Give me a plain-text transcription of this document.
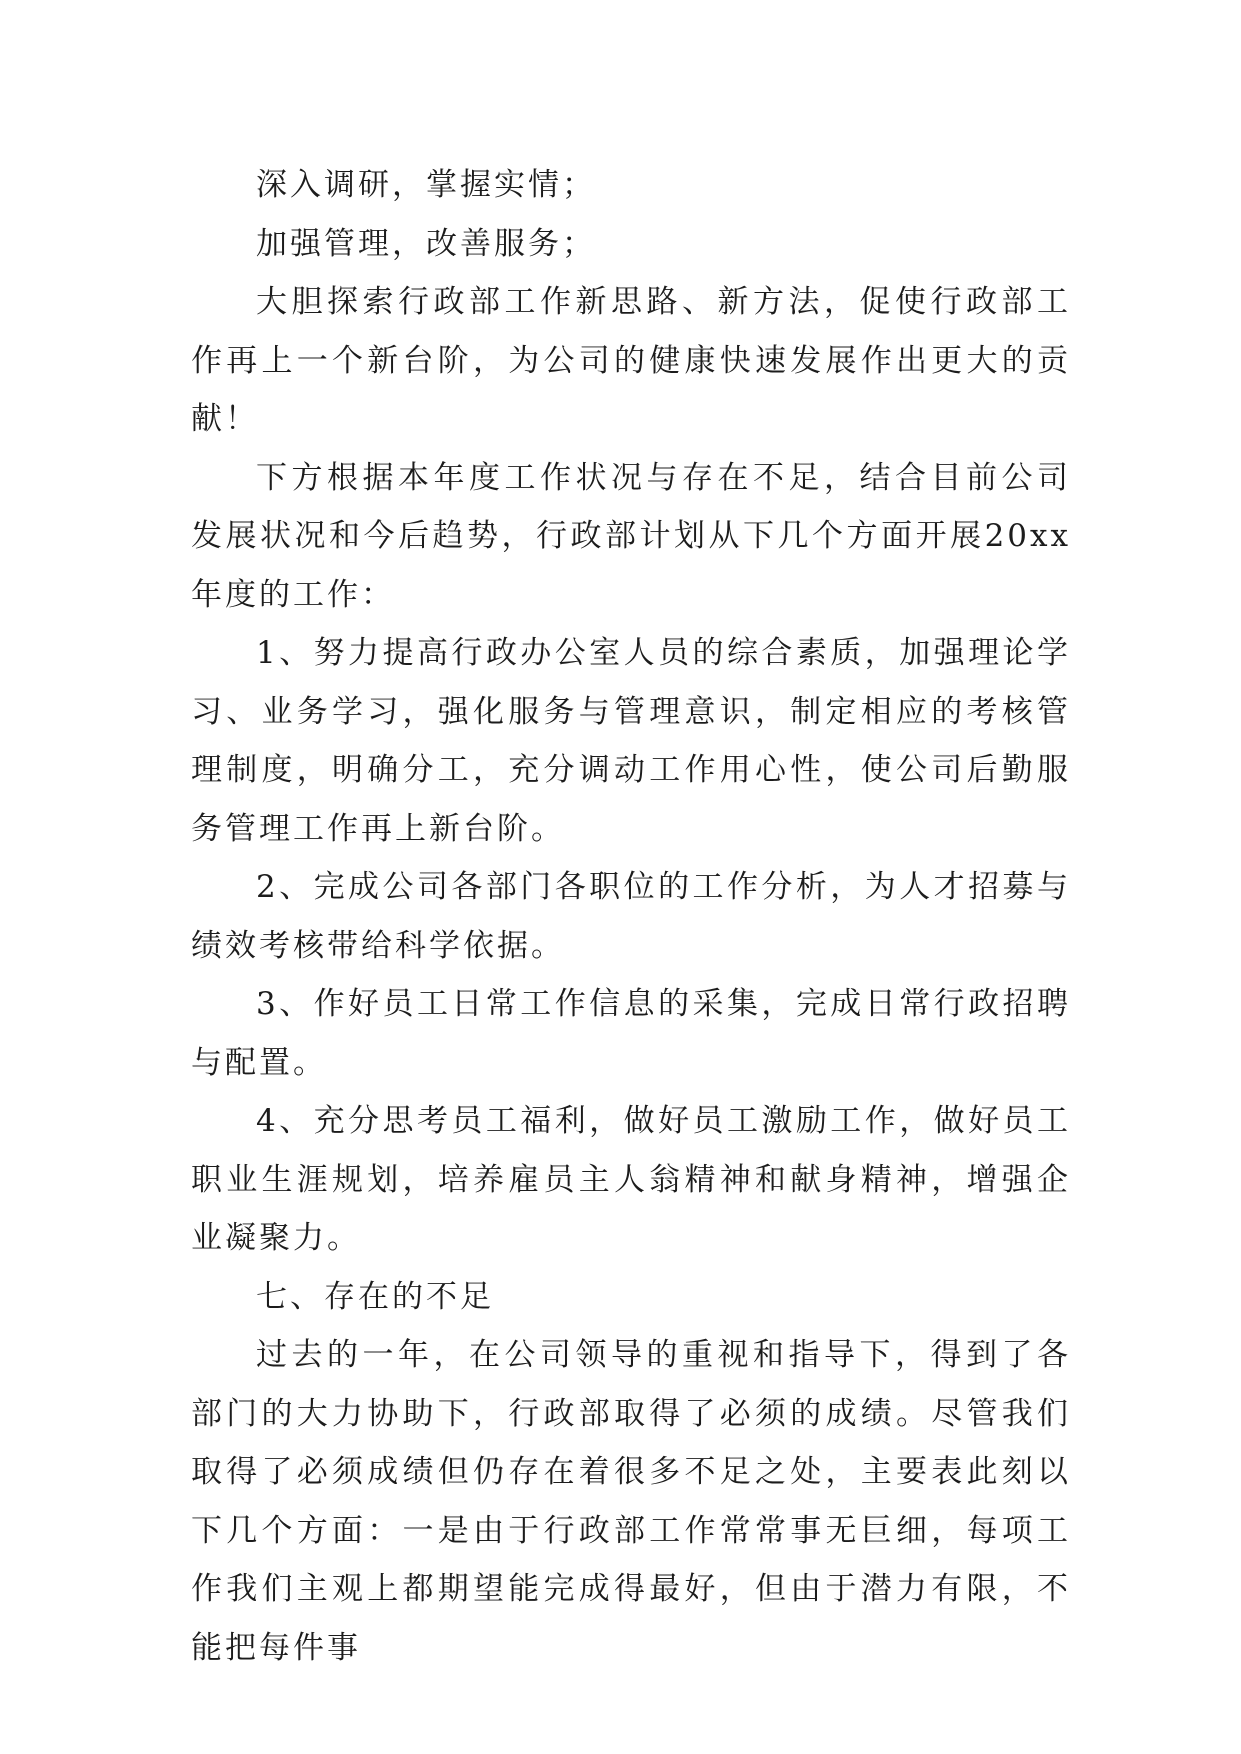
深入调研，掌握实情；

加强管理，改善服务；

大胆探索行政部工作新思路、新方法，促使行政部工作再上一个新台阶，为公司的健康快速发展作出更大的贡献！

下方根据本年度工作状况与存在不足，结合目前公司发展状况和今后趋势，行政部计划从下几个方面开展20xx年度的工作：

1、努力提高行政办公室人员的综合素质，加强理论学习、业务学习，强化服务与管理意识，制定相应的考核管理制度，明确分工，充分调动工作用心性，使公司后勤服务管理工作再上新台阶。

2、完成公司各部门各职位的工作分析，为人才招募与绩效考核带给科学依据。

3、作好员工日常工作信息的采集，完成日常行政招聘与配置。

4、充分思考员工福利，做好员工激励工作，做好员工职业生涯规划，培养雇员主人翁精神和献身精神，增强企业凝聚力。

七、存在的不足

过去的一年，在公司领导的重视和指导下，得到了各部门的大力协助下，行政部取得了必须的成绩。尽管我们取得了必须成绩但仍存在着很多不足之处，主要表此刻以下几个方面：一是由于行政部工作常常事无巨细，每项工作我们主观上都期望能完成得最好，但由于潜力有限，不能把每件事
